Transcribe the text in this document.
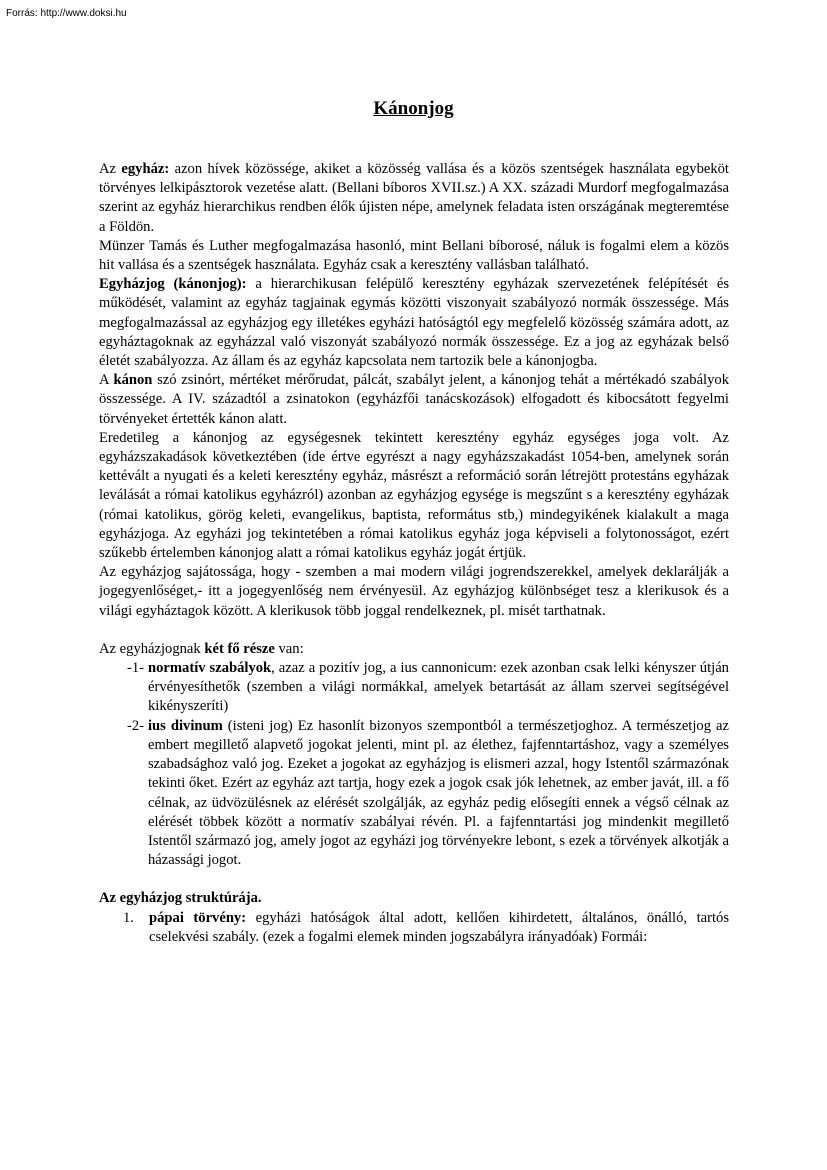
Forrás: http://www.doksi.hu
Kánonjog

Az egyház: azon hívek közössége, akiket a közösség vallása és a közös szentségek használata egybeköt törvényes lelkipásztorok vezetése alatt. (Bellani bíboros XVII.sz.) A XX. századi Murdorf megfogalmazása szerint az egyház hierarchikus rendben élők újisten népe, amelynek feladata isten országának megteremtése a Földön.

Münzer Tamás és Luther megfogalmazása hasonló, mint Bellani bíborosé, náluk is fogalmi elem a közös hit vallása és a szentségek használata. Egyház csak a keresztény vallásban található.

Egyházjog (kánonjog): a hierarchikusan felépülő keresztény egyházak szervezetének felépítését és működését, valamint az egyház tagjainak egymás közötti viszonyait szabályozó normák összessége. Más megfogalmazással az egyházjog egy illetékes egyházi hatóságtól egy megfelelő közösség számára adott, az egyháztagoknak az egyházzal való viszonyát szabályozó normák összessége. Ez a jog az egyházak belső életét szabályozza. Az állam és az egyház kapcsolata nem tartozik bele a kánonjogba.

A kánon szó zsinórt, mértéket mérőrudat, pálcát, szabályt jelent, a kánonjog tehát a mértékadó szabályok összessége. A IV. századtól a zsinatokon (egyházfői tanácskozások) elfogadott és kibocsátott fegyelmi törvényeket értették kánon alatt.

Eredetileg a kánonjog az egységesnek tekintett keresztény egyház egységes joga volt. Az egyházszakadások következtében (ide értve egyrészt a nagy egyházszakadást 1054-ben, amelynek során kettévált a nyugati és a keleti keresztény egyház, másrészt a reformáció során létrejött protestáns egyházak leválását a római katolikus egyházról) azonban az egyházjog egysége is megszűnt s a keresztény egyházak (római katolikus, görög keleti, evangelikus, baptista, református stb,) mindegyikének kialakult a maga egyházjoga. Az egyházi jog tekintetében a római katolikus egyház joga képviseli a folytonosságot, ezért szűkebb értelemben kánonjog alatt a római katolikus egyház jogát értjük.

Az egyházjog sajátossága, hogy - szemben a mai modern világi jogrendszerekkel, amelyek deklarálják a jogegyenlőséget,- itt a jogegyenlőség nem érvényesül. Az egyházjog különbséget tesz a klerikusok és a világi egyháztagok között. A klerikusok több joggal rendelkeznek, pl. misét tarthatnak.

Az egyházjognak két fő része van:

-1- normatív szabályok, azaz a pozitív jog, a ius cannonicum: ezek azonban csak lelki kényszer útján érvényesíthetők (szemben a világi normákkal, amelyek betartását az állam szervei segítségével kikényszeríti)
-2- ius divinum (isteni jog) Ez hasonlít bizonyos szempontból a természetjoghoz. A természetjog az embert megillető alapvető jogokat jelenti, mint pl. az élethez, fajfenntartáshoz, vagy a személyes szabadsághoz való jog. Ezeket a jogokat az egyházjog is elismeri azzal, hogy Istentől származónak tekinti őket. Ezért az egyház azt tartja, hogy ezek a jogok csak jók lehetnek, az ember javát, ill. a fő célnak, az üdvözülésnek az elérését szolgálják, az egyház pedig elősegíti ennek a végső célnak az elérését többek között a normatív szabályai révén. Pl. a fajfenntartási jog mindenkit megillető Istentől származó jog, amely jogot az egyházi jog törvényekre lebont, s ezek a törvények alkotják a házassági jogot.

Az egyházjog struktúrája.

1.	pápai törvény: egyházi hatóságok által adott, kellően kihirdetett, általános, önálló, tartós cselekvési szabály. (ezek a fogalmi elemek minden jogszabályra irányadóak) Formái:
